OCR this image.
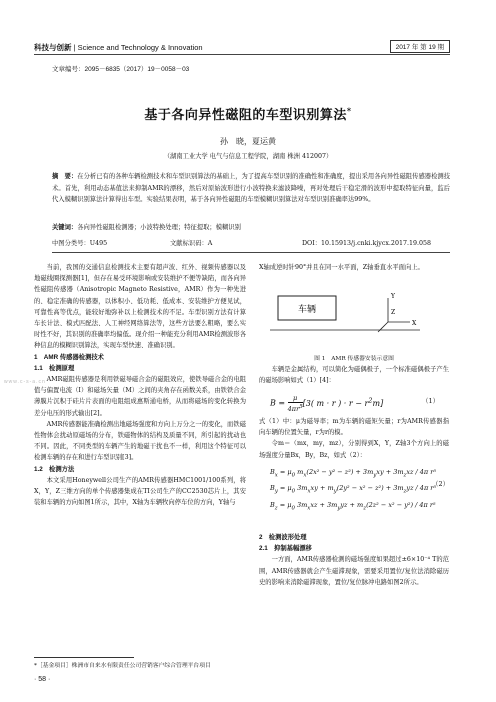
科技与创新 | Science and Technology & Innovation	2017 年 第 19 期
文章编号：2095－6835（2017）19－0058－03
基于各向异性磁阻的车型识别算法*
孙　晓，夏运黄
（湖南工业大学 电气与信息工程学院，湖南 株洲 412007）
摘　要：在分析已有的各种车辆检测技术和车型识别算法的基础上，为了提高车型识别的准确性和准确度，提出采用各向异性磁阻传感器检测技术。首先，利用动态基值法来抑制AMR的漂移，然后对原始波形进行小波特换来滤波降噪，再对处理后干稳定滑的波形中提取特征向量，监后代入模糊识别算法计算得出车型。实验结果表明，基于各向异性磁阻的车型模糊识别算法对车型识别准确率达99%。
关键词：各向异性磁阻检测器；小波特换处理；特征提取；模糊识别
中图分类号：U495	文献标识码：A	DOI：10.15913/j.cnki.kjycx.2017.19.058
www.c-s-a.cn

当前，我国的交通信息检测技术主要有超声波、红外、视频传感器以及地磁线圈探测器[1]，但存在易受环境影响或安装维护不便等缺陷，而各向异性磁阻传感器（Anisotropic Magneto Resistive，AMR）作为一种先进的、稳定准确的传感器，以体积小、低功耗、低成本、安装维护方便见试，可靠性高等优点，能较好地弥补以上检测技术的不足。车型识别方法有计算车长计法、模式匹配法、人工神经网络算法等，这些方法要么粗略，要么实时性不好，其识别的准确率均偏低。现介绍一种能充分利用AMR检测波形各种信息的模糊识别算法，实现车型快速、准确识别。

1　AMR 传感器检测技术

1.1　检测原理

AMR磁阻传感器是利用铁磁导磁合金的磁阻效应，使铁导磁合金的电阻值与偏置电流（I）和磁场矢量（M）之间的夹角存在函数关系，由铁铁合金薄膜片沉积于硅片片表面的电阻组成惠斯通电桥，从而将磁场的变化转换为差分电压的形式输出[2]。

AMR传感器能准确检测出地磁场强度和方向上万分之一的变化，而铁磁性物体会扰动原磁场的分布，铁磁物体的结构及质量不同，所引起的扰动也不同。因此，不同类型的车辆产生的地磁干扰也不一样，利用这个特征可以检测车辆的存在和进行车型识别[3]。

1.2　检测方法

本文采用Honeywell公司生产的AMR传感器HMC1001/100系列，将X，Y，Z三维方向的单个传感器集成在TI公司生产的CC2530芯片上，其安装和车辆的方向如图1所示，其中，X轴为车辆牧向停车位的方向，Y轴与

X轴成逆时针90°并且在同一水平面，Z轴垂直水平面向上。

车辆
Y
Z
X
图 1　AMR 传感器安装示意图

车辆是金属结构，可以简化为磁偶极子，一个标准磁偶极子产生的磁场影响如式（1）[4]：

$B = \frac{\mu}{4\pi r^5}[3$( m · r ) · $r - r^2m$]	（1）

式（1）中：μ为磁导率；m为车辆的磁矩矢量；r为AMR传感器指向车辆的位置矢量，r为r的模。

令m＝（mx，my，mz），分别得到X，Y，Z轴3个方向上的磁场强度分量Bx，By，Bz，如式（2）：

$B_x = \mu_0$ $m_x(2x^2 - y^2 - z^2) + 3m_yxy + 3m_zxz / 4\pi$ r⁵
$B_y = \mu_0$ $3m_xxy + m_y(2y^2 - x^2 - z^2) + 3m_zyz / 4\pi$ r⁵
$B_z = \mu_0$ $3m_xxz + 3m_yyz + m_z(2z^2 - x^2 - y^2) / 4\pi$ r⁵
（2）

2　检测波形处理

2.1　抑制基幅漂移

一方面，AMR传感器检测的磁场强度如果超过±6×10⁻⁴ T的范围，AMR传感器就会产生磁滞现象，需要采用置位/复位法消除磁历史的影响来消除磁滞现象，置位/复位脉冲电路如图2所示。

*［基金项目］株洲市自来水有限责任公司营销客户综合管理平台项目
· 58 ·
